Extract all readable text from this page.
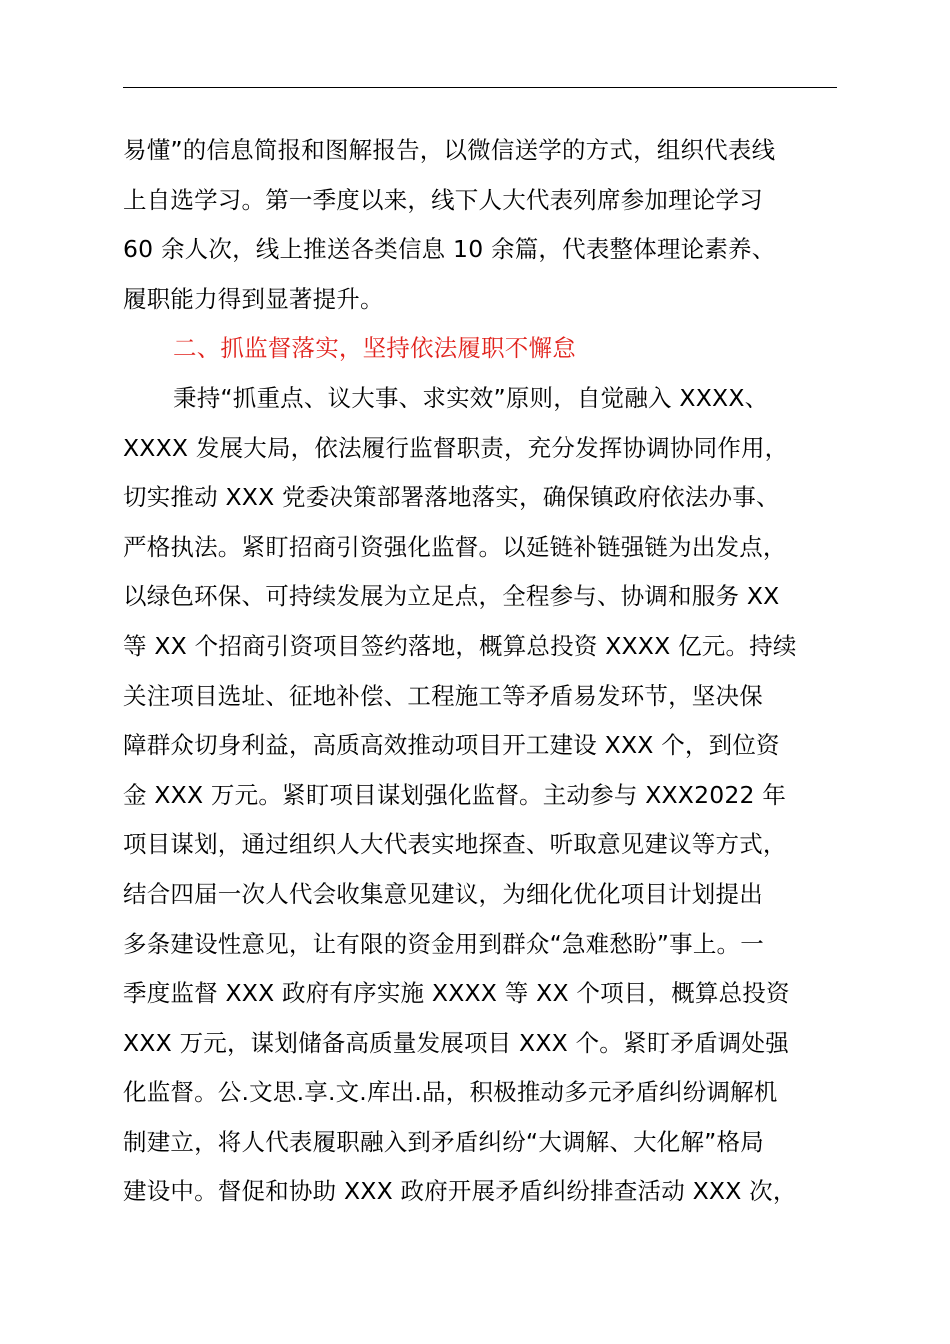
易懂”的信息简报和图解报告，以微信送学的方式，组织代表线
上自选学习。第一季度以来，线下人大代表列席参加理论学习
60 余人次，线上推送各类信息 10 余篇，代表整体理论素养、
履职能力得到显著提升。
二、抓监督落实，坚持依法履职不懈怠
秉持“抓重点、议大事、求实效”原则，自觉融入 XXXX、
XXXX 发展大局，依法履行监督职责，充分发挥协调协同作用，
切实推动 XXX 党委决策部署落地落实，确保镇政府依法办事、
严格执法。紧盯招商引资强化监督。以延链补链强链为出发点，
以绿色环保、可持续发展为立足点，全程参与、协调和服务 XX
等 XX 个招商引资项目签约落地，概算总投资 XXXX 亿元。持续
关注项目选址、征地补偿、工程施工等矛盾易发环节，坚决保
障群众切身利益，高质高效推动项目开工建设 XXX 个，到位资
金 XXX 万元。紧盯项目谋划强化监督。主动参与 XXX2022 年
项目谋划，通过组织人大代表实地探查、听取意见建议等方式，
结合四届一次人代会收集意见建议，为细化优化项目计划提出
多条建设性意见，让有限的资金用到群众“急难愁盼”事上。一
季度监督 XXX 政府有序实施 XXXX 等 XX 个项目，概算总投资
XXX 万元，谋划储备高质量发展项目 XXX 个。紧盯矛盾调处强
化监督。公.文思.享.文.库出.品，积极推动多元矛盾纠纷调解机
制建立，将人代表履职融入到矛盾纠纷“大调解、大化解”格局
建设中。督促和协助 XXX 政府开展矛盾纠纷排查活动 XXX 次，
